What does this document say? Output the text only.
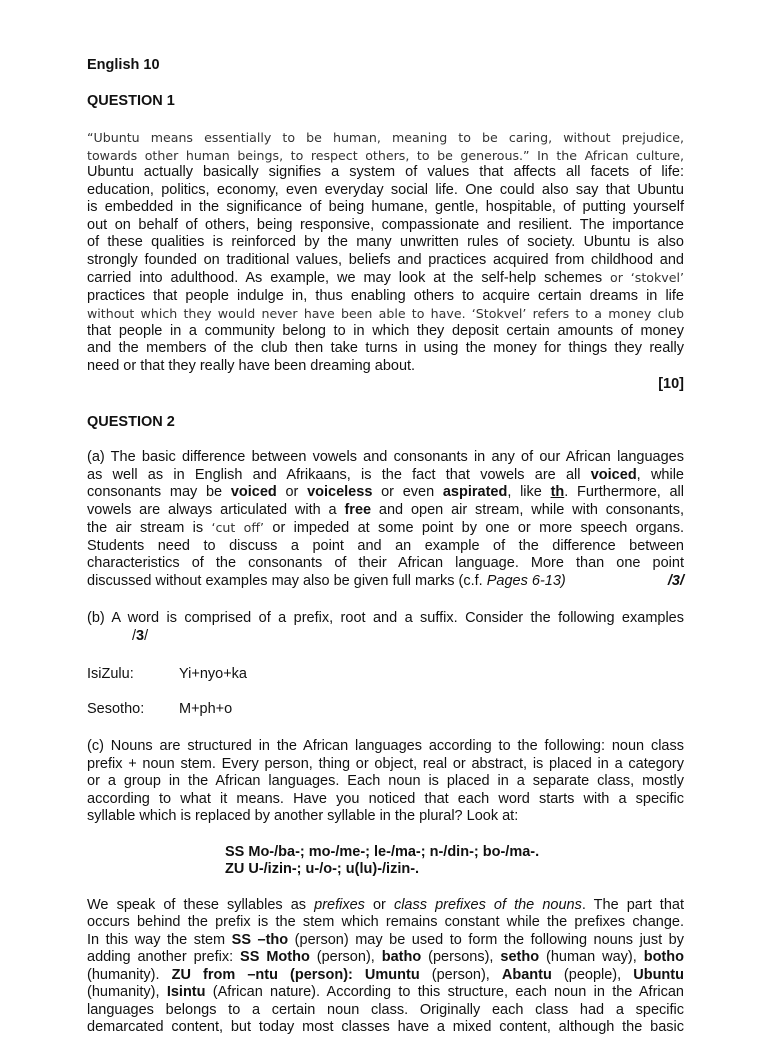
English 10

QUESTION 1

“Ubuntu means essentially to be human, meaning to be caring, without prejudice,
towards other human beings, to respect others, to be generous.” In the African culture,
Ubuntu actually basically signifies a system of values that affects all facets of life:
education, politics, economy, even everyday social life. One could also say that Ubuntu
is embedded in the significance of being humane, gentle, hospitable, of putting yourself
out on behalf of others, being responsive, compassionate and resilient. The importance
of these qualities is reinforced by the many unwritten rules of society. Ubuntu is also
strongly founded on traditional values, beliefs and practices acquired from childhood and
carried into adulthood. As example, we may look at the self-help schemes or ‘stokvel’
practices that people indulge in, thus enabling others to acquire certain dreams in life
without which they would never have been able to have. ‘Stokvel’ refers to a money club
that people in a community belong to in which they deposit certain amounts of money
and the members of the club then take turns in using the money for things they really
need or that they really have been dreaming about.

[10]

QUESTION 2

(a) The basic difference between vowels and consonants in any of our African languages
as well as in English and Afrikaans, is the fact that vowels are all voiced, while
consonants may be voiced or voiceless or even aspirated, like th. Furthermore, all
vowels are always articulated with a free and open air stream, while with consonants,
the air stream is ‘cut off’ or impeded at some point by one or more speech organs.
Students need to discuss a point and an example of the difference between
characteristics of the consonants of their African language. More than one point
discussed without examples may also be given full marks (c.f. Pages 6-13)	/3/
(b) A word is comprised of a prefix, root and a suffix. Consider the following examples
/3/
IsiZulu:	Yi+nyo+ka
Sesotho:	M+ph+o
(c) Nouns are structured in the African languages according to the following: noun class
prefix + noun stem. Every person, thing or object, real or abstract, is placed in a category
or a group in the African languages. Each noun is placed in a separate class, mostly
according to what it means. Have you noticed that each word starts with a specific
syllable which is replaced by another syllable in the plural? Look at:

SS Mo-/ba-; mo-/me-; le-/ma-; n-/din-; bo-/ma-.

ZU U-/izin-; u-/o-; u(lu)-/izin-.

We speak of these syllables as prefixes or class prefixes of the nouns. The part that
occurs behind the prefix is the stem which remains constant while the prefixes change.
In this way the stem SS –tho (person) may be used to form the following nouns just by
adding another prefix: SS Motho (person), batho (persons), setho (human way), botho
(humanity). ZU from –ntu (person): Umuntu (person), Abantu (people), Ubuntu
(humanity), Isintu (African nature). According to this structure, each noun in the African
languages belongs to a certain noun class. Originally each class had a specific
demarcated content, but today most classes have a mixed content, although the basic
